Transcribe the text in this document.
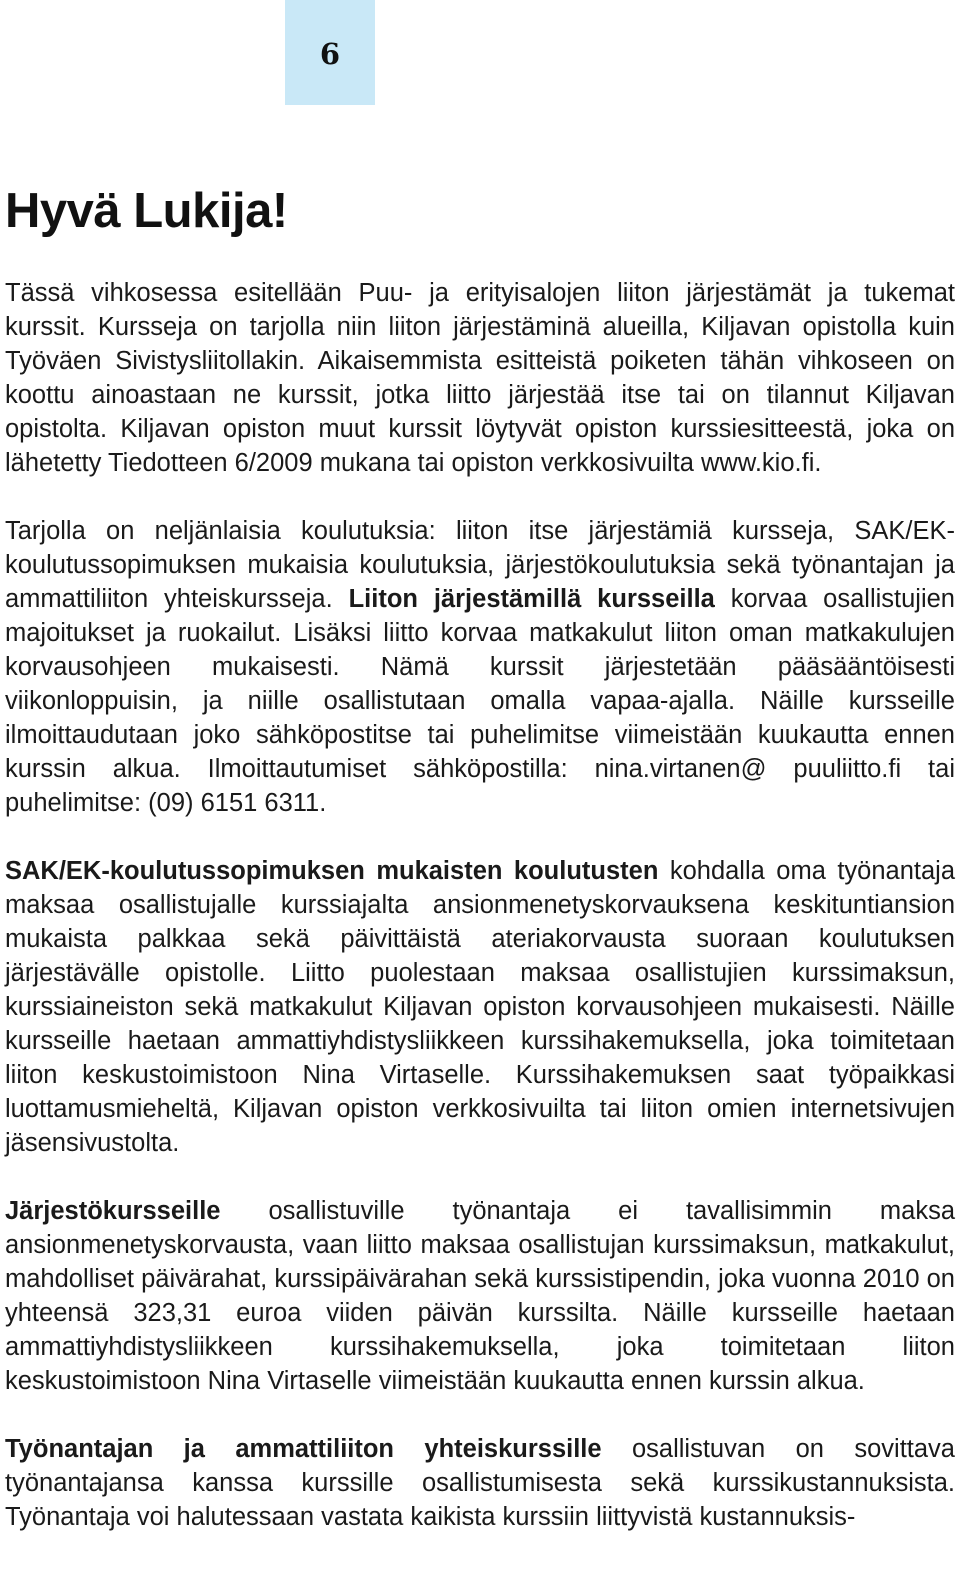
6
Hyvä Lukija!

Tässä vihkosessa esitellään Puu- ja erityisalojen liiton järjestämät ja tukemat kurssit. Kursseja on tarjolla niin liiton järjestäminä alueilla, Kiljavan opistolla kuin Työväen Sivistysliitollakin. Aikaisemmista esitteistä poiketen tähän vihkoseen on koottu ainoastaan ne kurssit, jotka liitto järjestää itse tai on tilannut Kiljavan opistolta. Kiljavan opiston muut kurssit löytyvät opiston kurssiesitteestä, joka on lähetetty Tiedotteen 6/2009 mukana tai opiston verkkosivuilta www.kio.fi.

Tarjolla on neljänlaisia koulutuksia: liiton itse järjestämiä kursseja, SAK/EK-koulutussopimuksen mukaisia koulutuksia, järjestökoulutuksia sekä työnantajan ja ammattiliiton yhteiskursseja. Liiton järjestämillä kursseilla korvaa osallistujien majoitukset ja ruokailut. Lisäksi liitto korvaa matkakulut liiton oman matkakulujen korvausohjeen mukaisesti. Nämä kurssit järjestetään pääsääntöisesti viikonloppuisin, ja niille osallistutaan omalla vapaa-ajalla. Näille kursseille ilmoittaudutaan joko sähköpostitse tai puhelimitse viimeistään kuukautta ennen kurssin alkua. Ilmoittautumiset sähköpostilla: nina.virtanen@ puuliitto.fi tai puhelimitse: (09) 6151 6311.

SAK/EK-koulutussopimuksen mukaisten koulutusten kohdalla oma työnantaja maksaa osallistujalle kurssiajalta ansionmenetyskorvauksena keskituntiansion mukaista palkkaa sekä päivittäistä ateriakorvausta suoraan koulutuksen järjestävälle opistolle. Liitto puolestaan maksaa osallistujien kurssimaksun, kurssiaineiston sekä matkakulut Kiljavan opiston korvausohjeen mukaisesti. Näille kursseille haetaan ammattiyhdistysliikkeen kurssihakemuksella, joka toimitetaan liiton keskustoimistoon Nina Virtaselle. Kurssihakemuksen saat työpaikkasi luottamusmieheltä, Kiljavan opiston verkkosivuilta tai liiton omien internetsivujen jäsensivustolta.

Järjestökursseille osallistuville työnantaja ei tavallisimmin maksa ansionmenetyskorvausta, vaan liitto maksaa osallistujan kurssimaksun, matkakulut, mahdolliset päivärahat, kurssipäivärahan sekä kurssistipendin, joka vuonna 2010 on yhteensä 323,31 euroa viiden päivän kurssilta. Näille kursseille haetaan ammattiyhdistysliikkeen kurssihakemuksella, joka toimitetaan liiton keskustoimistoon Nina Virtaselle viimeistään kuukautta ennen kurssin alkua.

Työnantajan ja ammattiliiton yhteiskurssille osallistuvan on sovittava työnantajansa kanssa kurssille osallistumisesta sekä kurssikustannuksista. Työnantaja voi halutessaan vastata kaikista kurssiin liittyvistä kustannuksis-
